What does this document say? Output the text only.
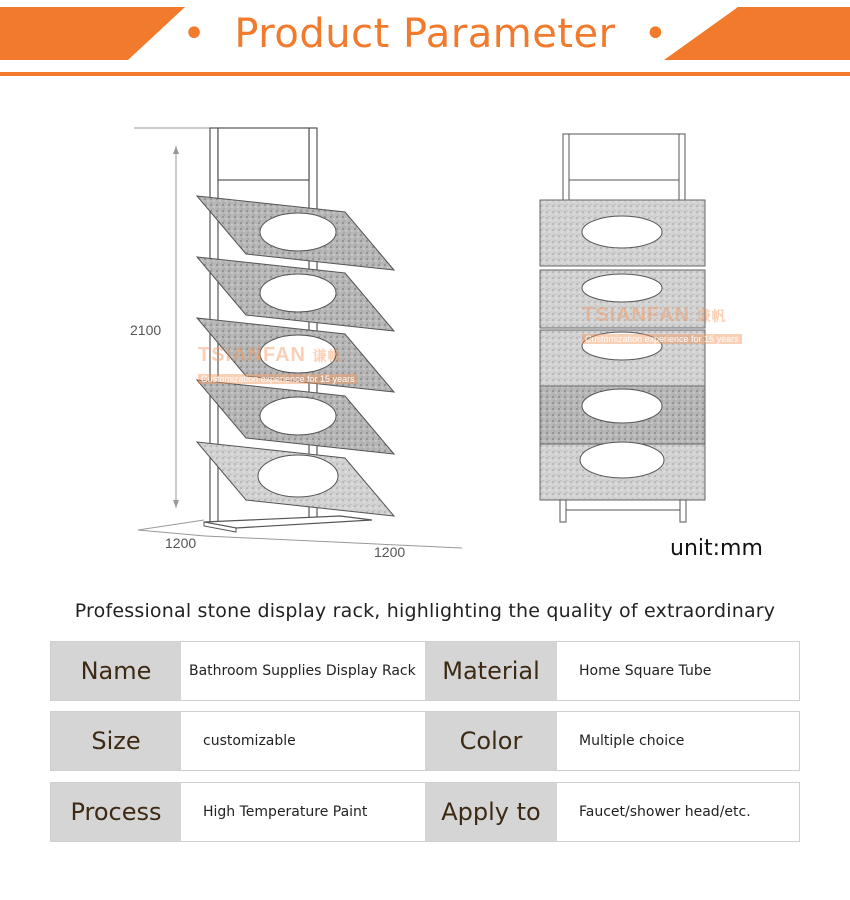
• Product Parameter •
2100
1200
1200
TSIANFAN 谦帆
Customization experience for 15 years
TSIANFAN 谦帆
Customization experience for 15 years
unit:mm
Professional stone display rack, highlighting the quality of extraordinary
Name	Bathroom Supplies Display Rack	Material	Home Square Tube
Size	customizable	Color	Multiple choice
Process	High Temperature Paint	Apply to	Faucet/shower head/etc.
